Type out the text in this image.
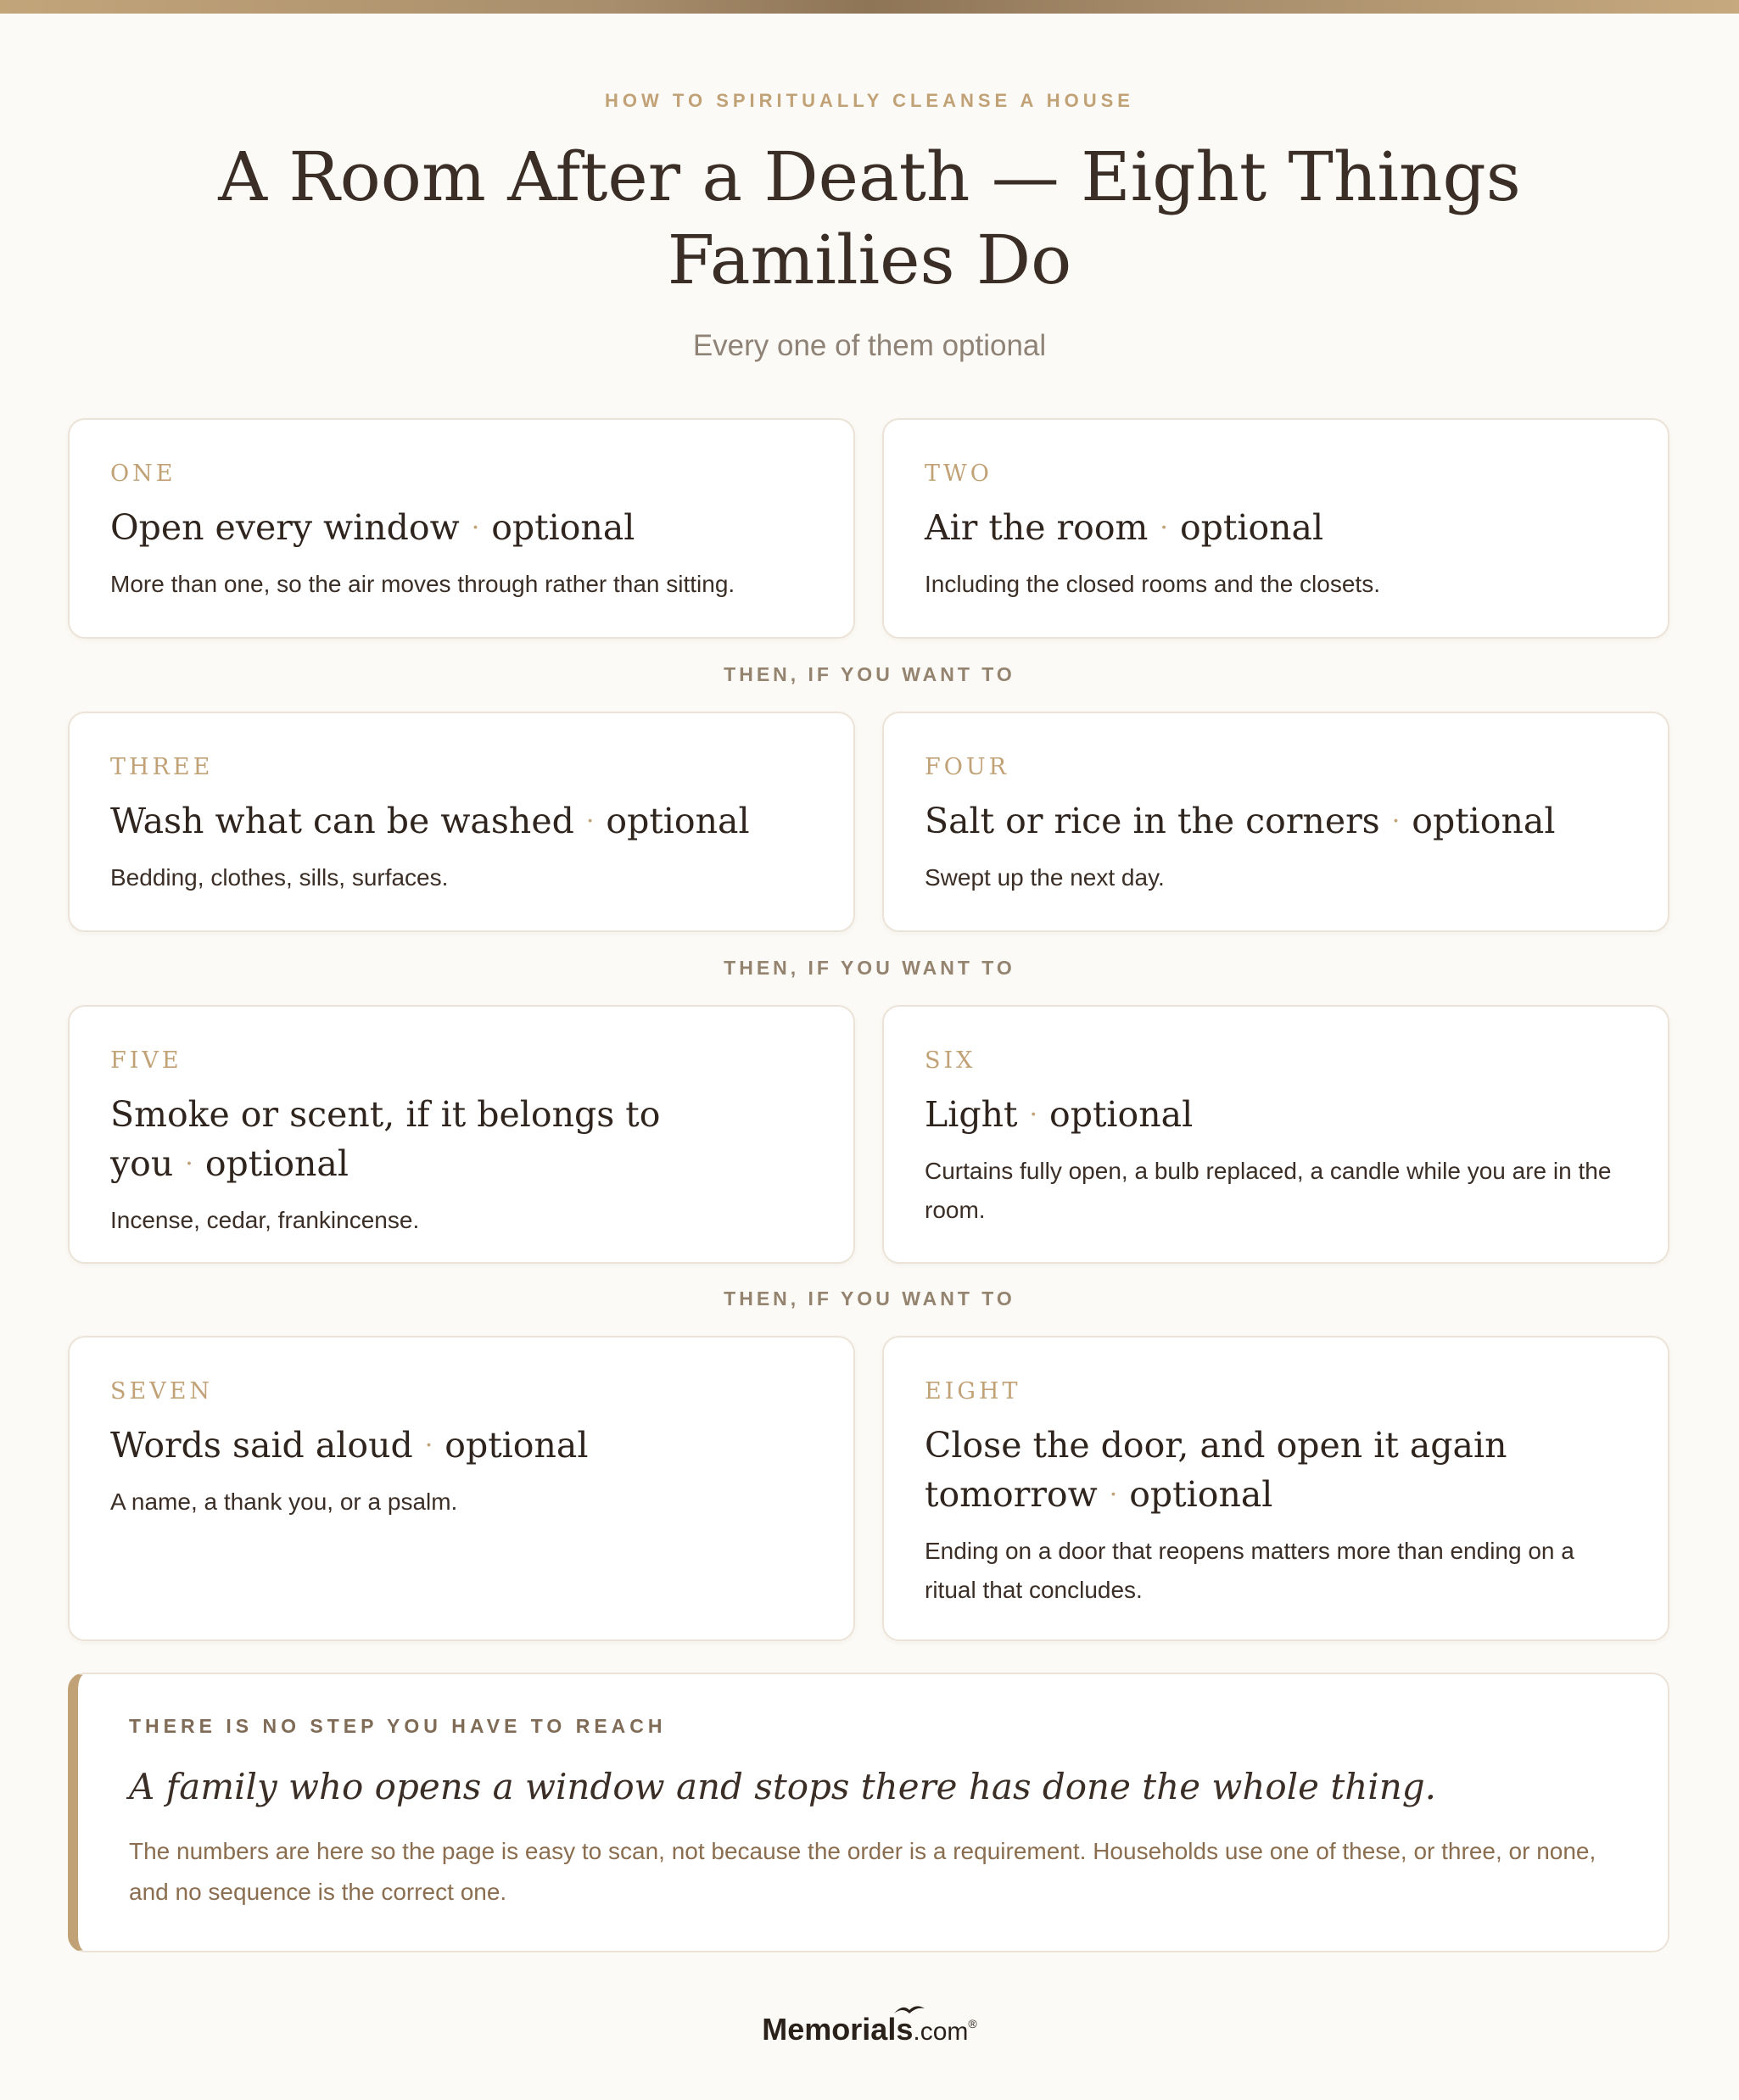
HOW TO SPIRITUALLY CLEANSE A HOUSE
A Room After a Death — Eight Things Families Do
Every one of them optional
ONE
Open every window · optional
More than one, so the air moves through rather than sitting.
TWO
Air the room · optional
Including the closed rooms and the closets.
THEN, IF YOU WANT TO
THREE
Wash what can be washed · optional
Bedding, clothes, sills, surfaces.
FOUR
Salt or rice in the corners · optional
Swept up the next day.
THEN, IF YOU WANT TO
FIVE
Smoke or scent, if it belongs to you · optional
Incense, cedar, frankincense.
SIX
Light · optional
Curtains fully open, a bulb replaced, a candle while you are in the room.
THEN, IF YOU WANT TO
SEVEN
Words said aloud · optional
A name, a thank you, or a psalm.
EIGHT
Close the door, and open it again tomorrow · optional
Ending on a door that reopens matters more than ending on a ritual that concludes.
THERE IS NO STEP YOU HAVE TO REACH
A family who opens a window and stops there has done the whole thing.
The numbers are here so the page is easy to scan, not because the order is a requirement. Households use one of these, or three, or none, and no sequence is the correct one.
Memorials.com®
